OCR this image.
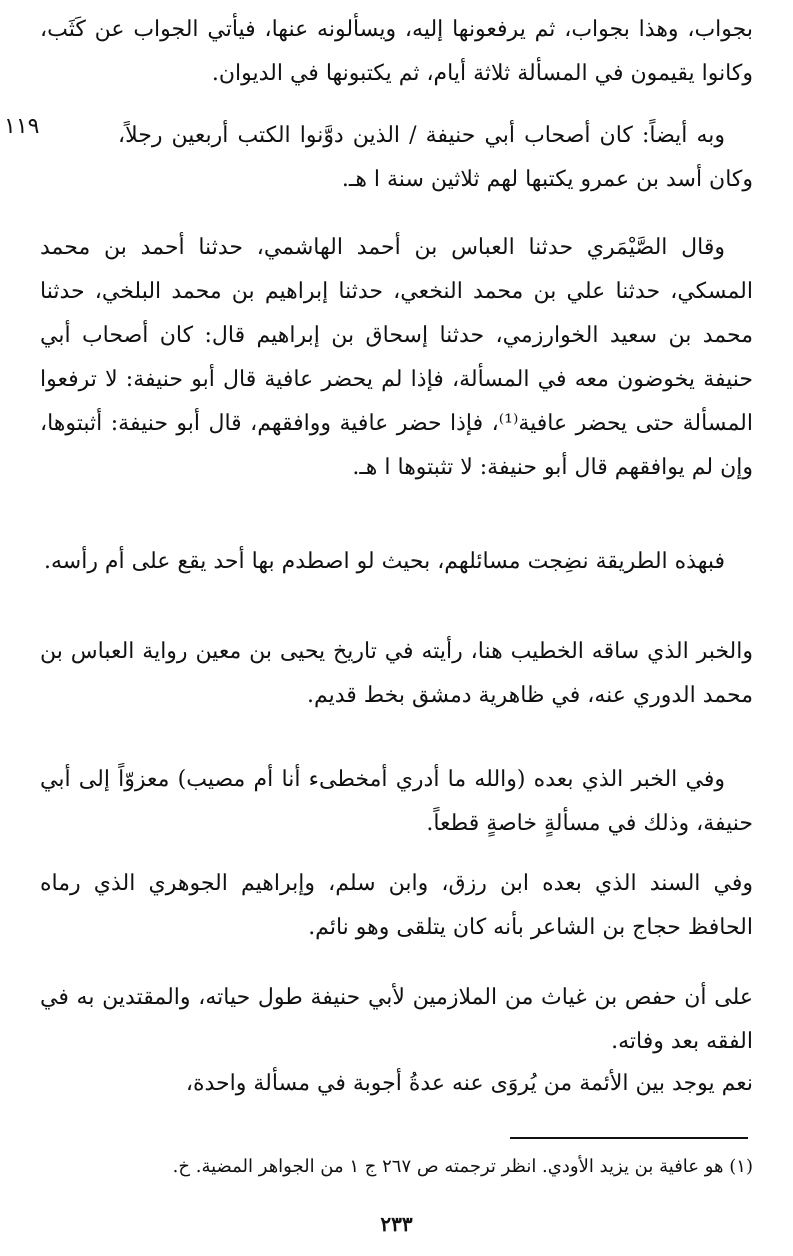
بجواب، وهذا بجواب، ثم يرفعونها إليه، ويسألونه عنها، فيأتي الجواب عن كَثَب، وكانوا يقيمون في المسألة ثلاثة أيام، ثم يكتبونها في الديوان.

وبه أيضاً: كان أصحاب أبي حنيفة / الذين دوَّنوا الكتب أربعين رجلاً، وكان أسد بن عمرو يكتبها لهم ثلاثين سنة ا هـ.

١١٩

وقال الصَّيْمَري حدثنا العباس بن أحمد الهاشمي، حدثنا أحمد بن محمد المسكي، حدثنا علي بن محمد النخعي، حدثنا إبراهيم بن محمد البلخي، حدثنا محمد بن سعيد الخوارزمي، حدثنا إسحاق بن إبراهيم قال: كان أصحاب أبي حنيفة يخوضون معه في المسألة، فإذا لم يحضر عافية قال أبو حنيفة: لا ترفعوا المسألة حتى يحضر عافية⁽¹⁾، فإذا حضر عافية ووافقهم، قال أبو حنيفة: أثبتوها، وإن لم يوافقهم قال أبو حنيفة: لا تثبتوها ا هـ.

فبهذه الطريقة نضِجت مسائلهم، بحيث لو اصطدم بها أحد يقع على أم رأسه.

والخبر الذي ساقه الخطيب هنا، رأيته في تاريخ يحيى بن معين رواية العباس بن محمد الدوري عنه، في ظاهرية دمشق بخط قديم.

وفي الخبر الذي بعده (والله ما أدري أمخطىء أنا أم مصيب) معزوّاً إلى أبي حنيفة، وذلك في مسألةٍ خاصةٍ قطعاً.

وفي السند الذي بعده ابن رزق، وابن سلم، وإبراهيم الجوهري الذي رماه الحافظ حجاج بن الشاعر بأنه كان يتلقى وهو نائم.

على أن حفص بن غياث من الملازمين لأبي حنيفة طول حياته، والمقتدين به في الفقه بعد وفاته.

نعم يوجد بين الأئمة من يُروَى عنه عدةُ أجوبة في مسألة واحدة،

(١) هو عافية بن يزيد الأودي. انظر ترجمته ص ٢٦٧ ج ١ من الجواهر المضية. خ.
٢٣٣
